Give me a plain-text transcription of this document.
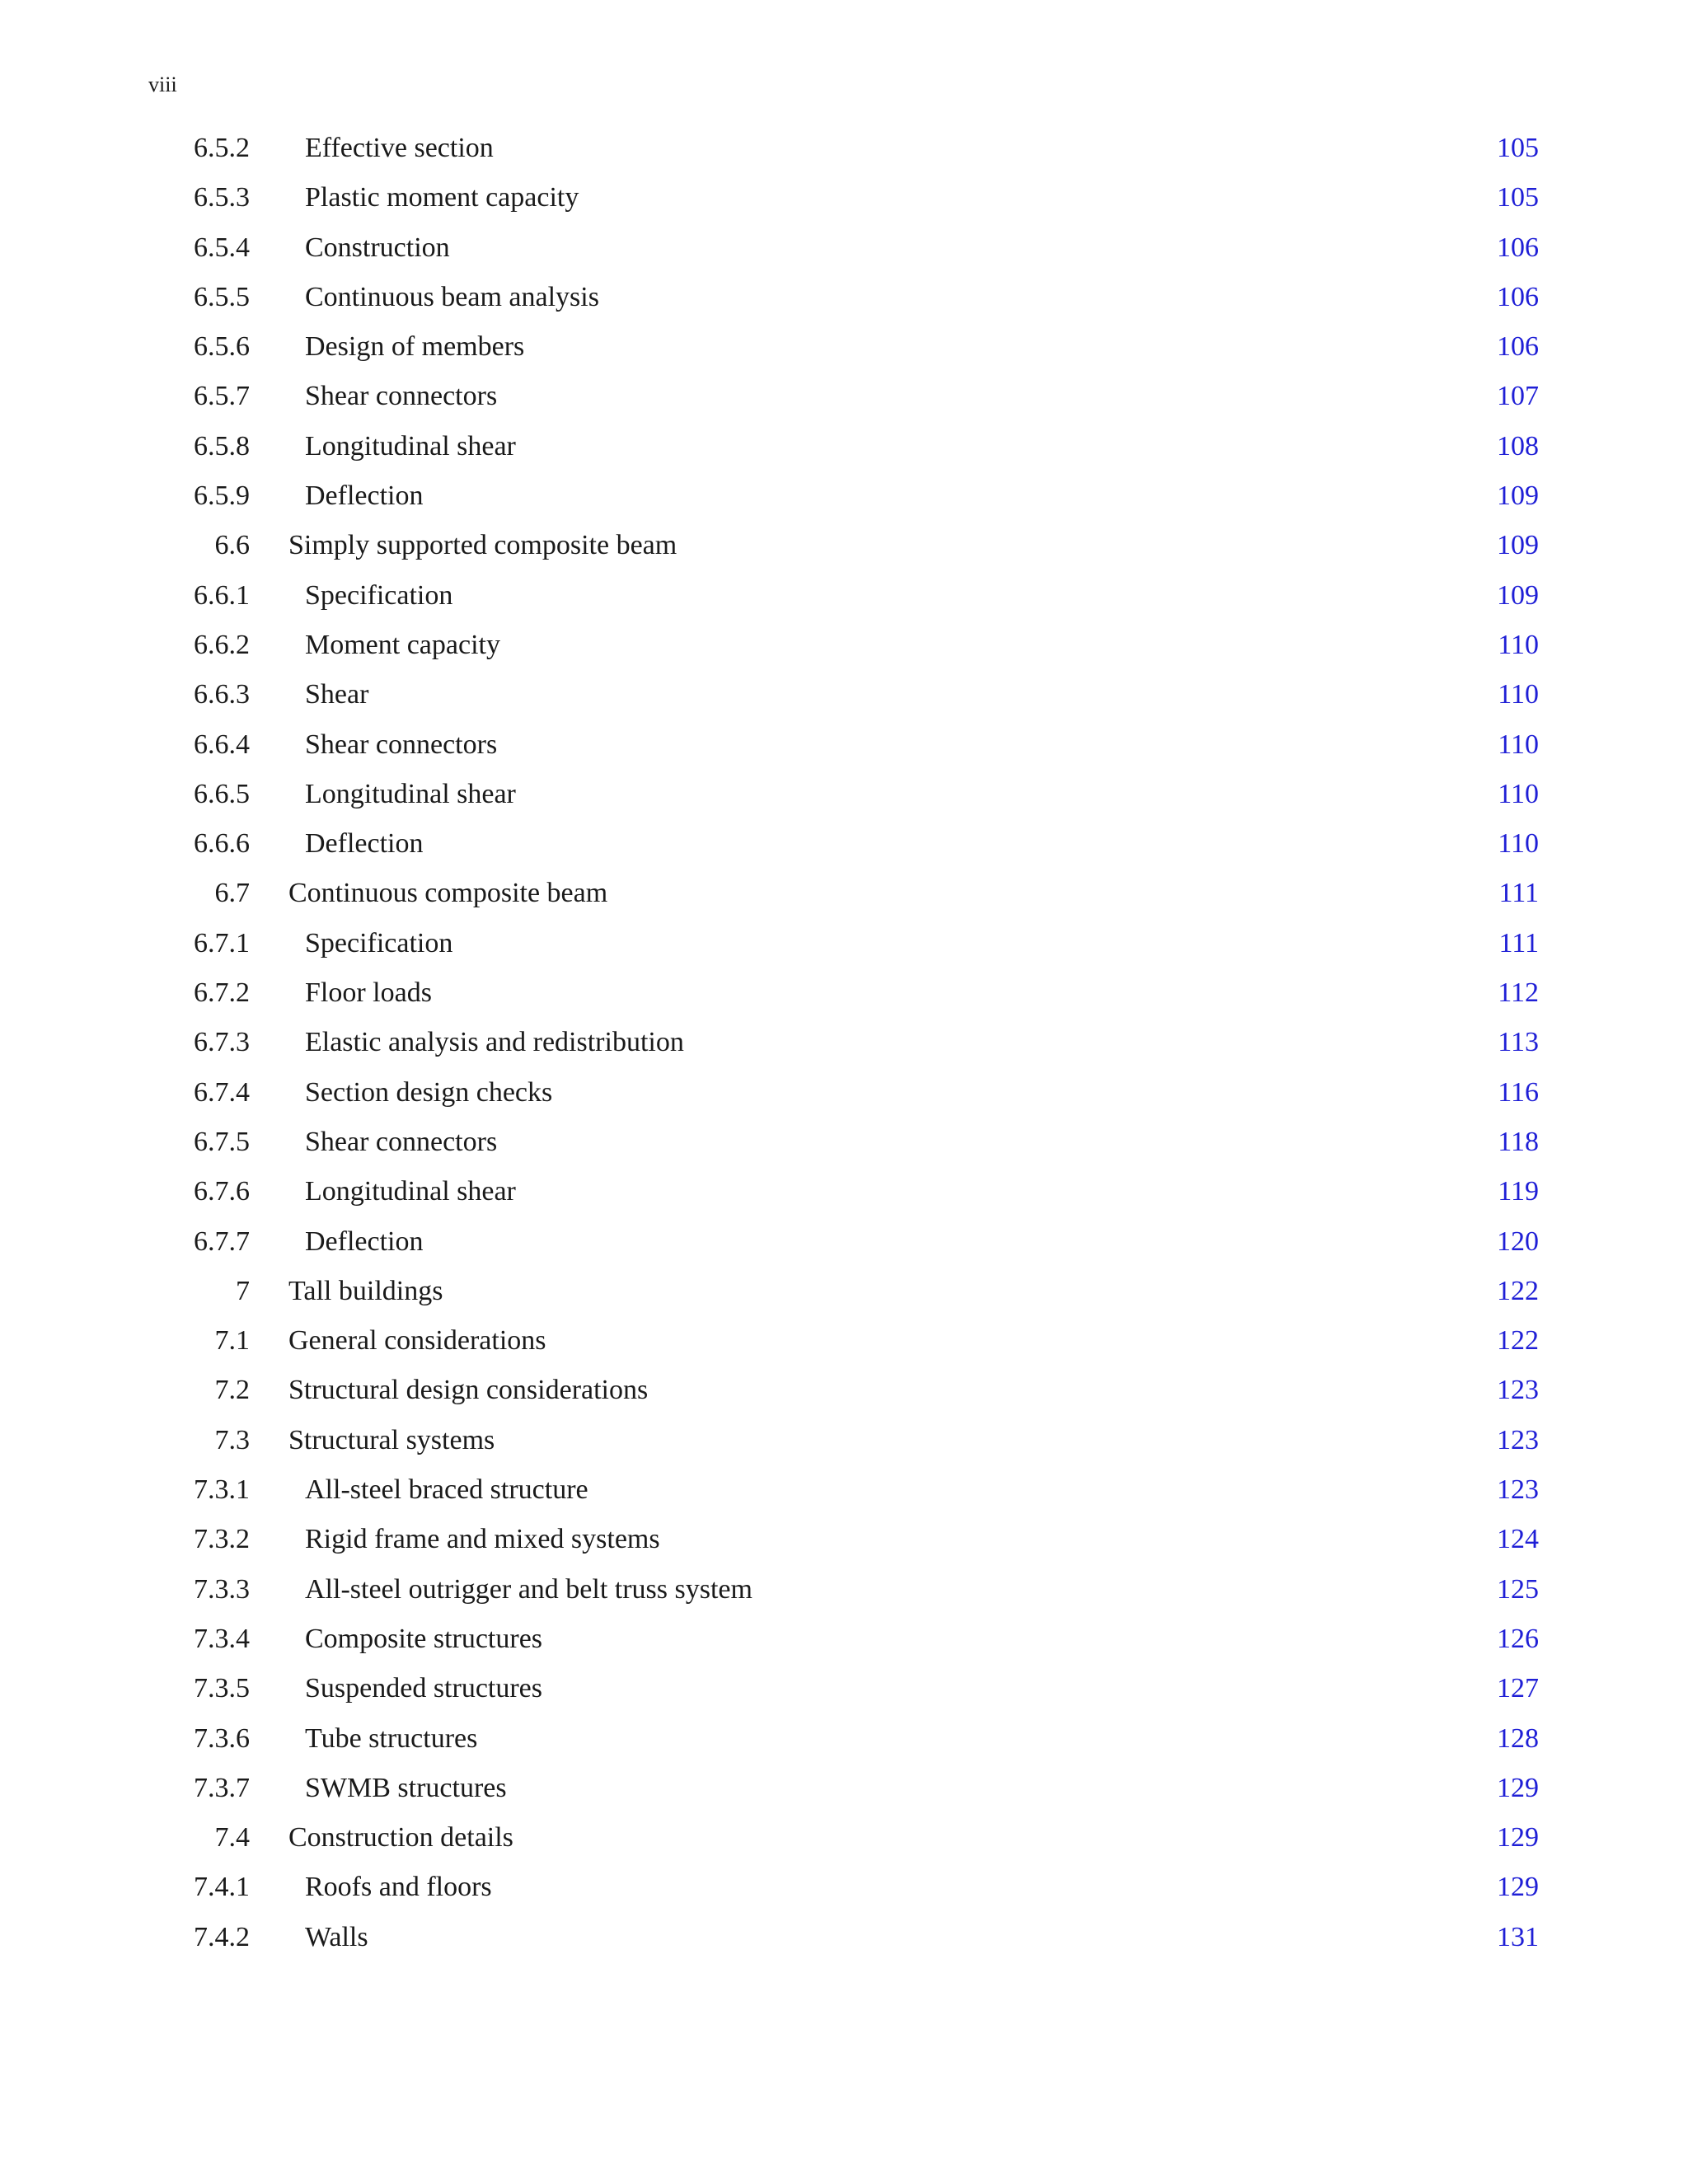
viii
6.5.2 Effective section	105
6.5.3 Plastic moment capacity	105
6.5.4 Construction	106
6.5.5 Continuous beam analysis	106
6.5.6 Design of members	106
6.5.7 Shear connectors	107
6.5.8 Longitudinal shear	108
6.5.9 Deflection	109
6.6 Simply supported composite beam	109
6.6.1 Specification	109
6.6.2 Moment capacity	110
6.6.3 Shear	110
6.6.4 Shear connectors	110
6.6.5 Longitudinal shear	110
6.6.6 Deflection	110
6.7 Continuous composite beam	111
6.7.1 Specification	111
6.7.2 Floor loads	112
6.7.3 Elastic analysis and redistribution	113
6.7.4 Section design checks	116
6.7.5 Shear connectors	118
6.7.6 Longitudinal shear	119
6.7.7 Deflection	120
7 Tall buildings	122
7.1 General considerations	122
7.2 Structural design considerations	123
7.3 Structural systems	123
7.3.1 All-steel braced structure	123
7.3.2 Rigid frame and mixed systems	124
7.3.3 All-steel outrigger and belt truss system	125
7.3.4 Composite structures	126
7.3.5 Suspended structures	127
7.3.6 Tube structures	128
7.3.7 SWMB structures	129
7.4 Construction details	129
7.4.1 Roofs and floors	129
7.4.2 Walls	131
